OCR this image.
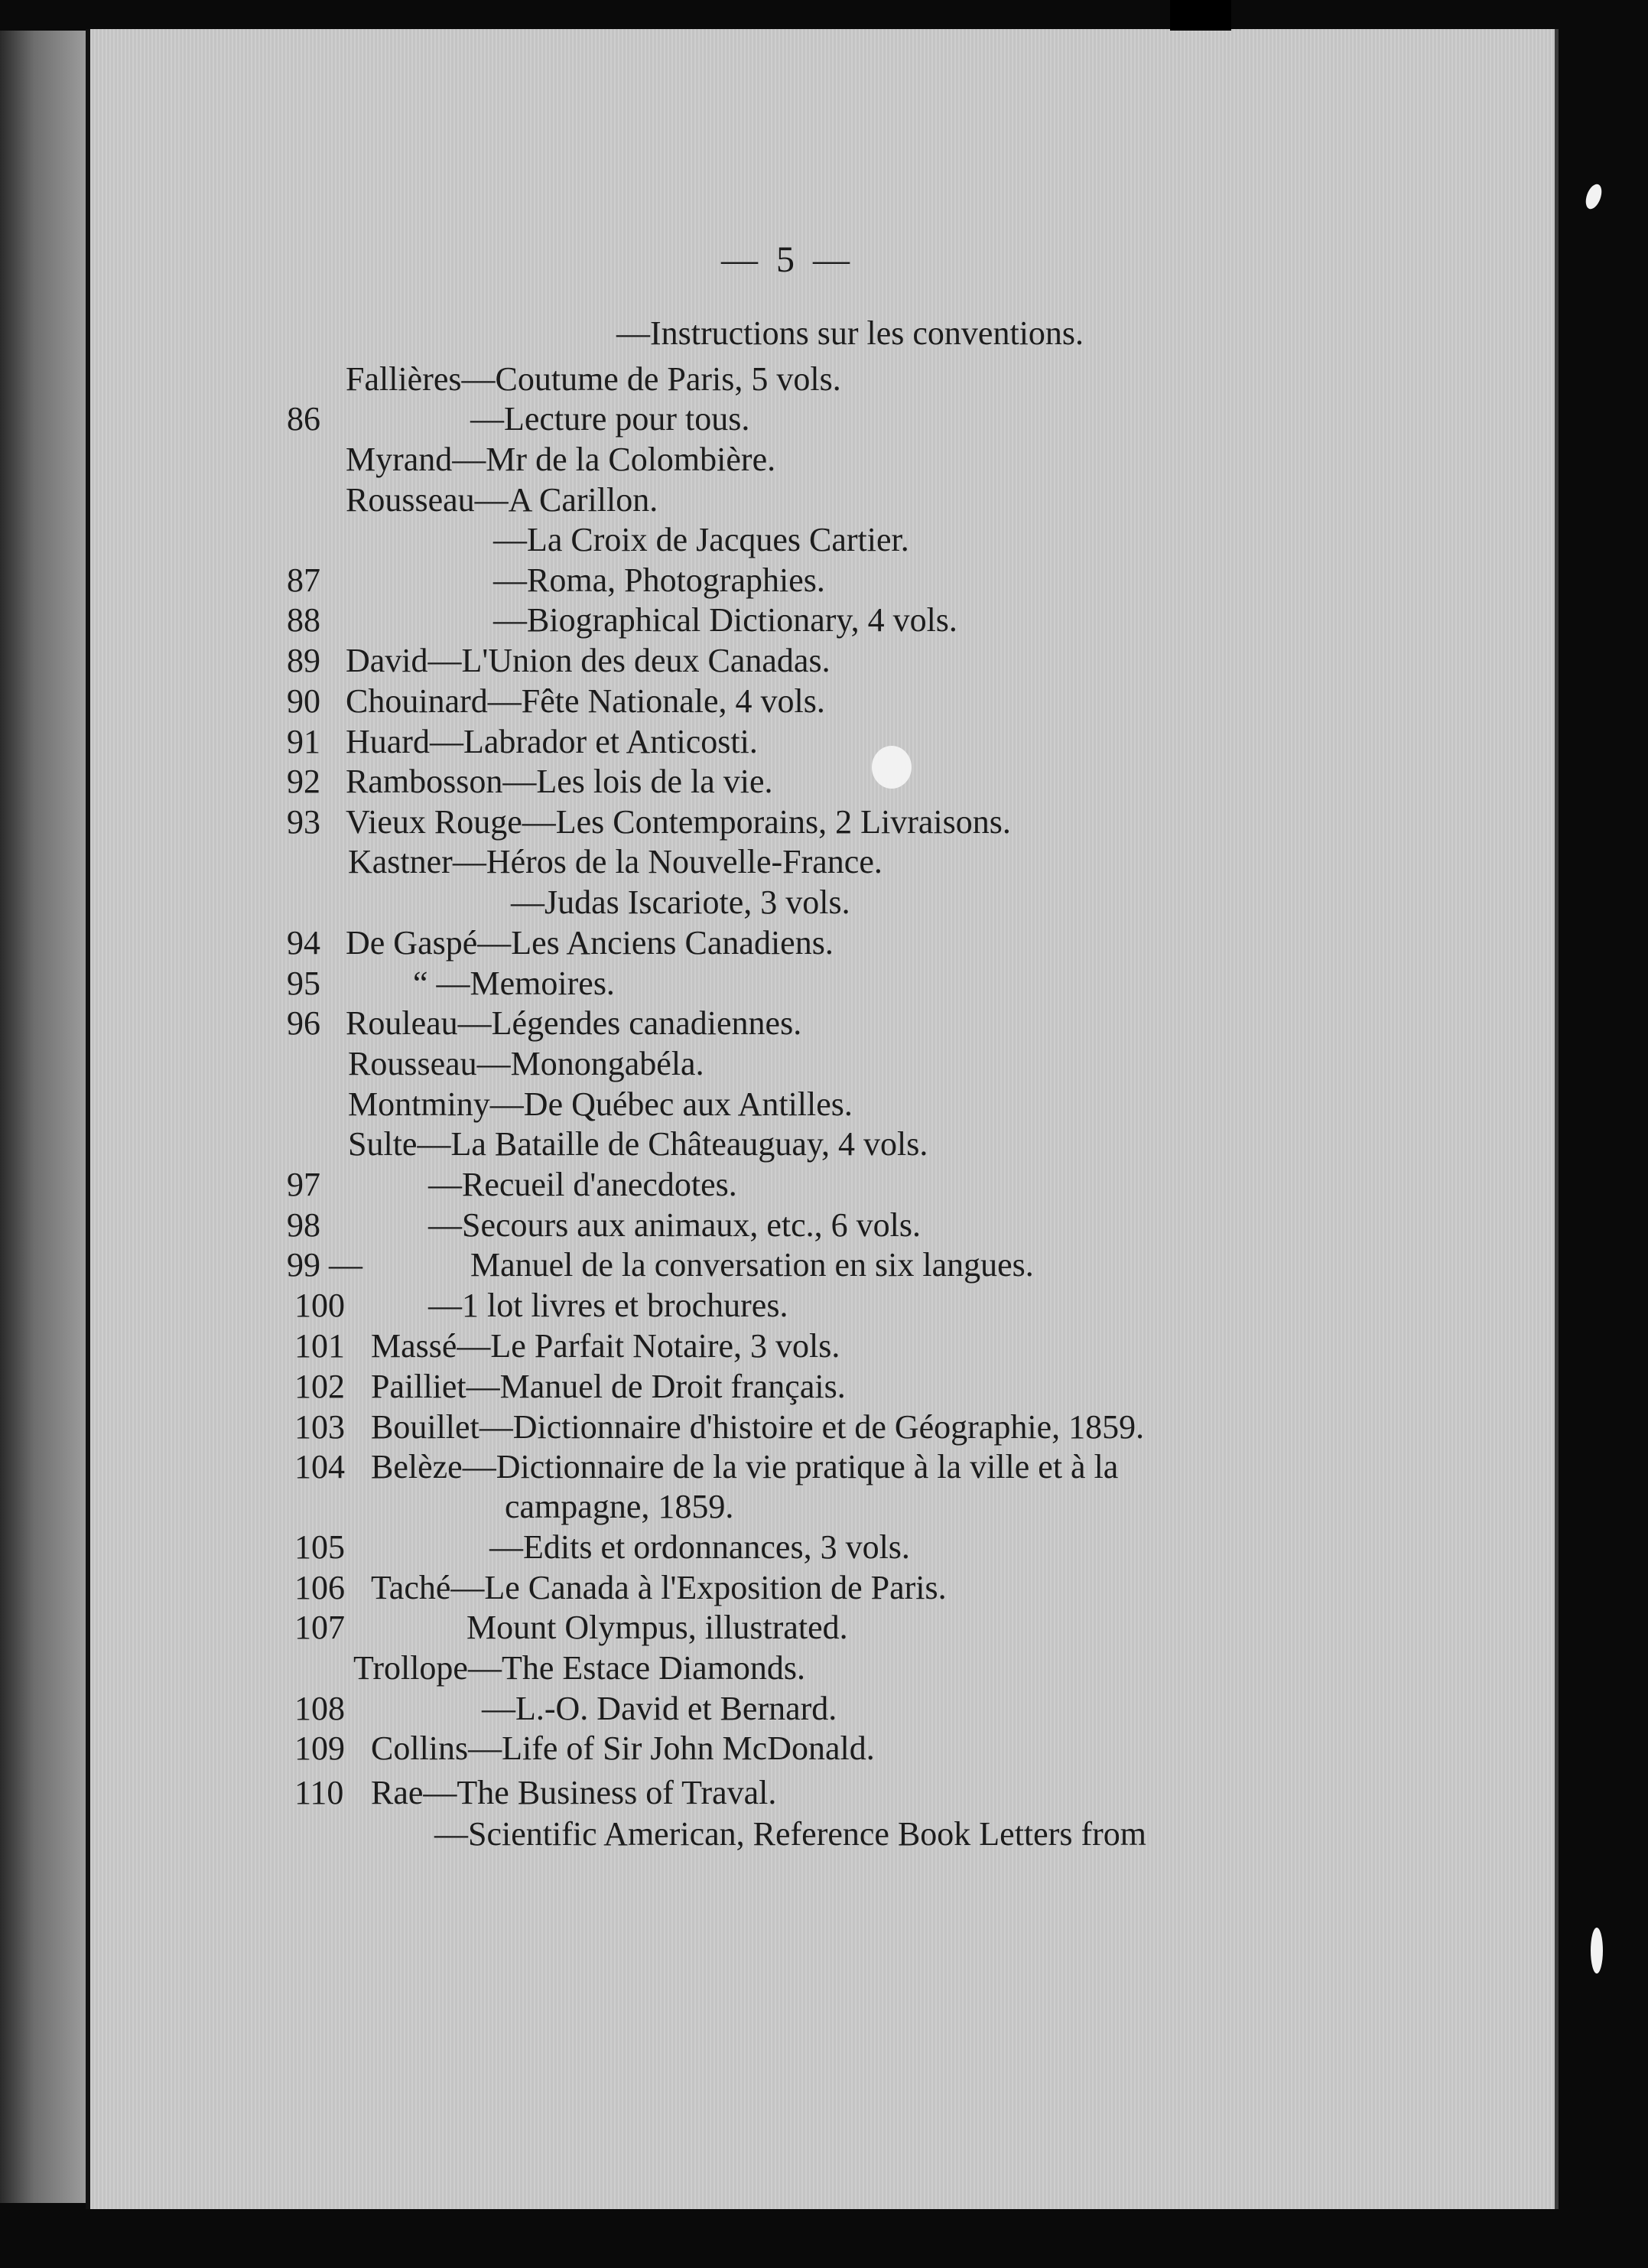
— 5 —
—Instructions sur les conventions.
Fallières—Coutume de Paris, 5 vols.
86	—Lecture pour tous.
Myrand—Mr de la Colombière.
Rousseau—A Carillon.
—La Croix de Jacques Cartier.
87	—Roma, Photographies.
88	—Biographical Dictionary, 4 vols.
89 David—L'Union des deux Canadas.
90 Chouinard—Fête Nationale, 4 vols.
91 Huard—Labrador et Anticosti.
92 Rambosson—Les lois de la vie.
93 Vieux Rouge—Les Contemporains, 2 Livraisons.
Kastner—Héros de la Nouvelle-France.
—Judas Iscariote, 3 vols.
94 De Gaspé—Les Anciens Canadiens.
95	“ —Memoires.
96 Rouleau—Légendes canadiennes.
Rousseau—Monongabéla.
Montminy—De Québec aux Antilles.
Sulte—La Bataille de Châteauguay, 4 vols.
97	—Recueil d'anecdotes.
98	—Secours aux animaux, etc., 6 vols.
99 —	Manuel de la conversation en six langues.
100 —1 lot livres et brochures.
101 Massé—Le Parfait Notaire, 3 vols.
102 Pailliet—Manuel de Droit français.
103 Bouillet—Dictionnaire d'histoire et de Géographie, 1859.
104 Belèze—Dictionnaire de la vie pratique à la ville et à la
campagne, 1859.
105	—Edits et ordonnances, 3 vols.
106 Taché—Le Canada à l'Exposition de Paris.
107	Mount Olympus, illustrated.
Trollope—The Estace Diamonds.
108	—L.-O. David et Bernard.
109 Collins—Life of Sir John McDonald.
110 Rae—The Business of Traval.
—Scientific American, Reference Book Letters from
